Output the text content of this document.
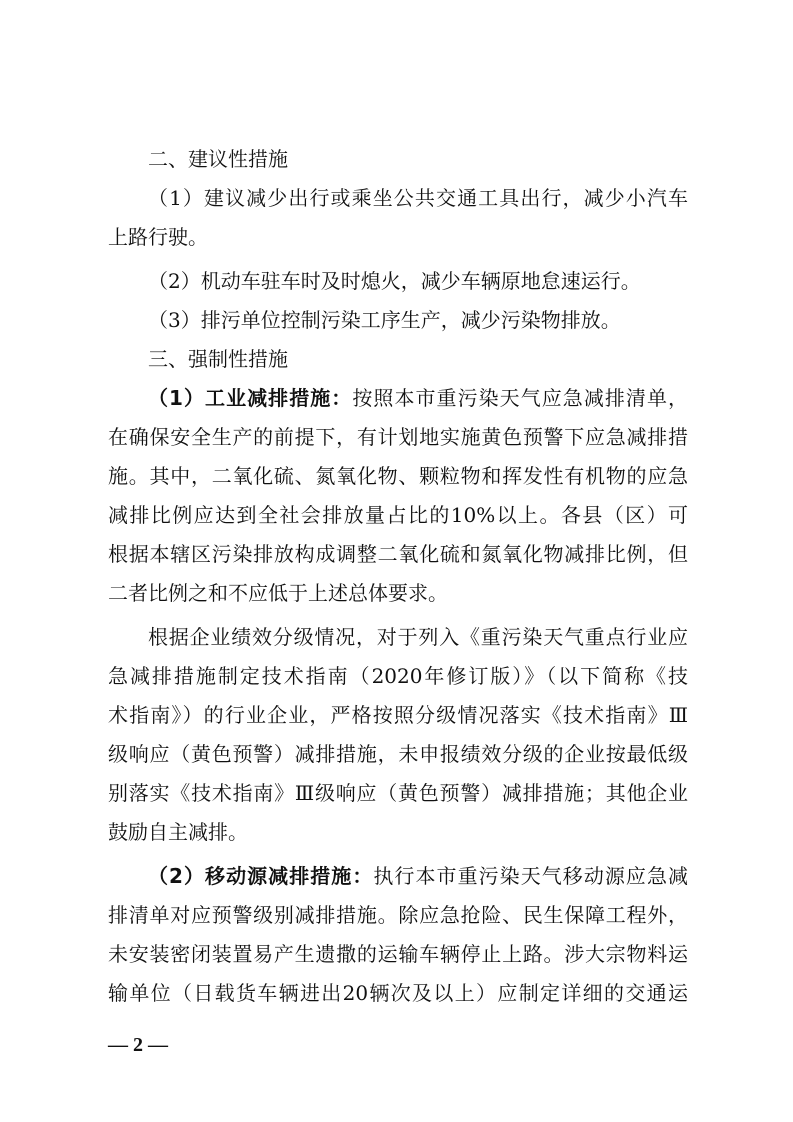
二、建议性措施
（1）建议减少出行或乘坐公共交通工具出行，减少小汽车
上路行驶。
（2）机动车驻车时及时熄火，减少车辆原地怠速运行。
（3）排污单位控制污染工序生产，减少污染物排放。
三、强制性措施
（1）工业减排措施：按照本市重污染天气应急减排清单，
在确保安全生产的前提下，有计划地实施黄色预警下应急减排措
施。其中，二氧化硫、氮氧化物、颗粒物和挥发性有机物的应急
减排比例应达到全社会排放量占比的10%以上。各县（区）可
根据本辖区污染排放构成调整二氧化硫和氮氧化物减排比例，但
二者比例之和不应低于上述总体要求。
根据企业绩效分级情况，对于列入《重污染天气重点行业应
急减排措施制定技术指南（2020年修订版）》（以下简称《技
术指南》）的行业企业，严格按照分级情况落实《技术指南》Ⅲ
级响应（黄色预警）减排措施，未申报绩效分级的企业按最低级
别落实《技术指南》Ⅲ级响应（黄色预警）减排措施；其他企业
鼓励自主减排。
（2）移动源减排措施：执行本市重污染天气移动源应急减
排清单对应预警级别减排措施。除应急抢险、民生保障工程外，
未安装密闭装置易产生遗撒的运输车辆停止上路。涉大宗物料运
输单位（日载货车辆进出20辆次及以上）应制定详细的交通运
— 2 —
